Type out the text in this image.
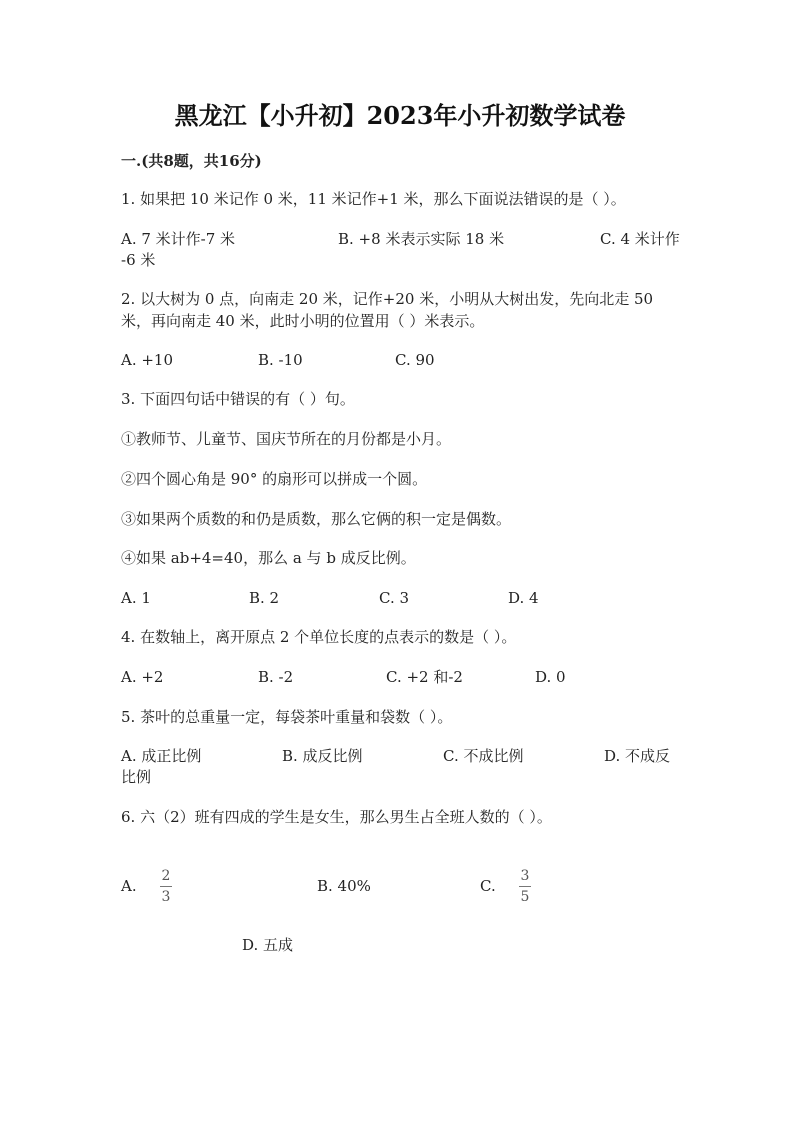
黑龙江【小升初】2023年小升初数学试卷
一.(共8题，共16分)
1. 如果把 10 米记作 0 米，11 米记作+1 米，那么下面说法错误的是（ ）。
A. 7 米计作-7 米	B. +8 米表示实际 18 米	C. 4 米计作
-6 米
2. 以大树为 0 点，向南走 20 米，记作+20 米，小明从大树出发，先向北走 50
米，再向南走 40 米，此时小明的位置用（ ）米表示。
A. +10	B. -10	C. 90
3. 下面四句话中错误的有（ ）句。
①教师节、儿童节、国庆节所在的月份都是小月。
②四个圆心角是 90° 的扇形可以拼成一个圆。
③如果两个质数的和仍是质数，那么它俩的积一定是偶数。
④如果 ab+4=40，那么 a 与 b 成反比例。
A. 1	B. 2	C. 3	D. 4
4. 在数轴上，离开原点 2 个单位长度的点表示的数是（ ）。
A. +2	B. -2	C. +2 和-2	D. 0
5. 茶叶的总重量一定，每袋茶叶重量和袋数（ ）。
A. 成正比例	B. 成反比例	C. 不成比例	D. 不成反
比例
6. 六（2）班有四成的学生是女生，那么男生占全班人数的（ ）。
A.
2
3
B. 40%	C.
3
5
D. 五成
